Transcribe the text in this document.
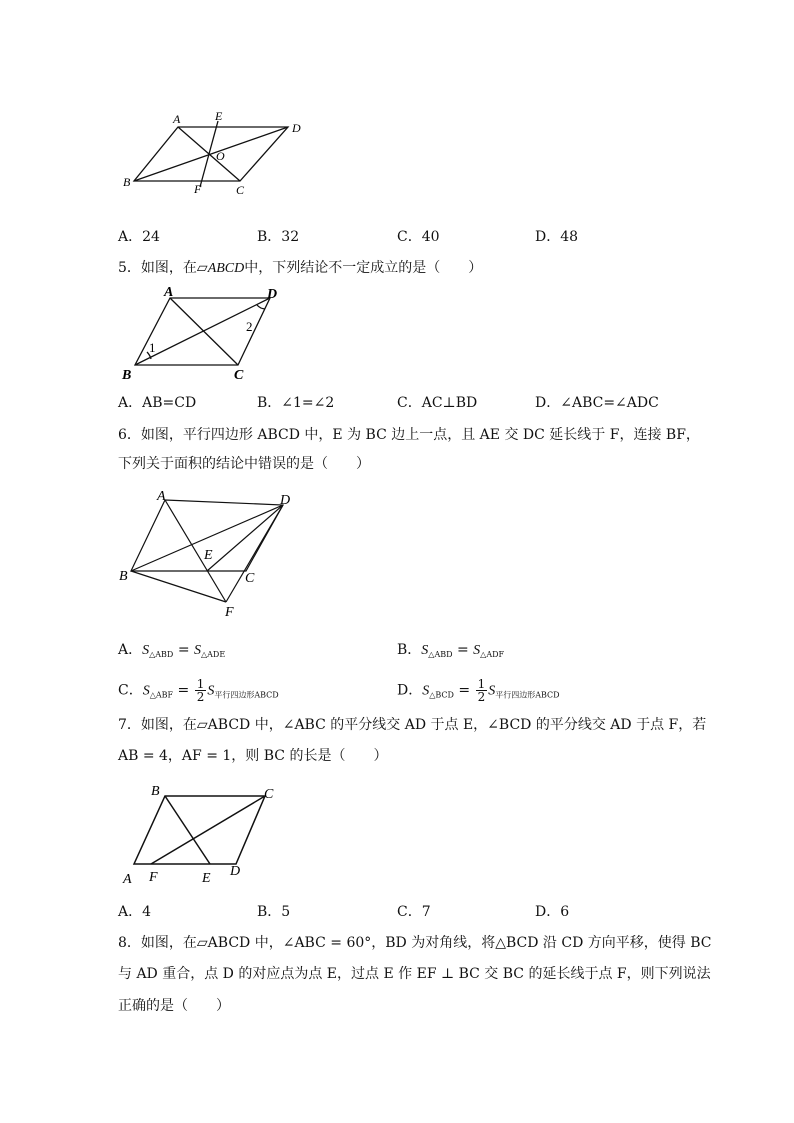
A	E
D
O
B	F	C
A．24	B．32	C．40	D．48
5．如图，在▱ABCD中，下列结论不一定成立的是（　　）
A	D
B	C
1
2
A．AB=CD	B．∠1=∠2	C．AC⊥BD	D．∠ABC=∠ADC
6．如图，平行四边形 ABCD 中，E 为 BC 边上一点，且 AE 交 DC 延长线于 F，连接 BF，
下列关于面积的结论中错误的是（　　）
A	D
E
B	C
F
A．$S_{\triangle ABD} = S_{\triangle ADE}$	B．$S_{\triangle ABD} = S_{\triangle ADF}$
C．$S_{\triangle ABF} = \frac{1}{2} S_{平行四边形ABCD}$	D．$S_{\triangle BCD} = \frac{1}{2} S_{平行四边形ABCD}$
7．如图，在▱ABCD 中，∠ABC 的平分线交 AD 于点 E，∠BCD 的平分线交 AD 于点 F，若
AB = 4，AF = 1，则 BC 的长是（　　）
B	C
A F	E D
A．4	B．5	C．7	D．6
8．如图，在▱ABCD 中，∠ABC = 60°，BD 为对角线，将△BCD 沿 CD 方向平移，使得 BC
与 AD 重合，点 D 的对应点为点 E，过点 E 作 EF ⊥ BC 交 BC 的延长线于点 F，则下列说法
正确的是（　　）
